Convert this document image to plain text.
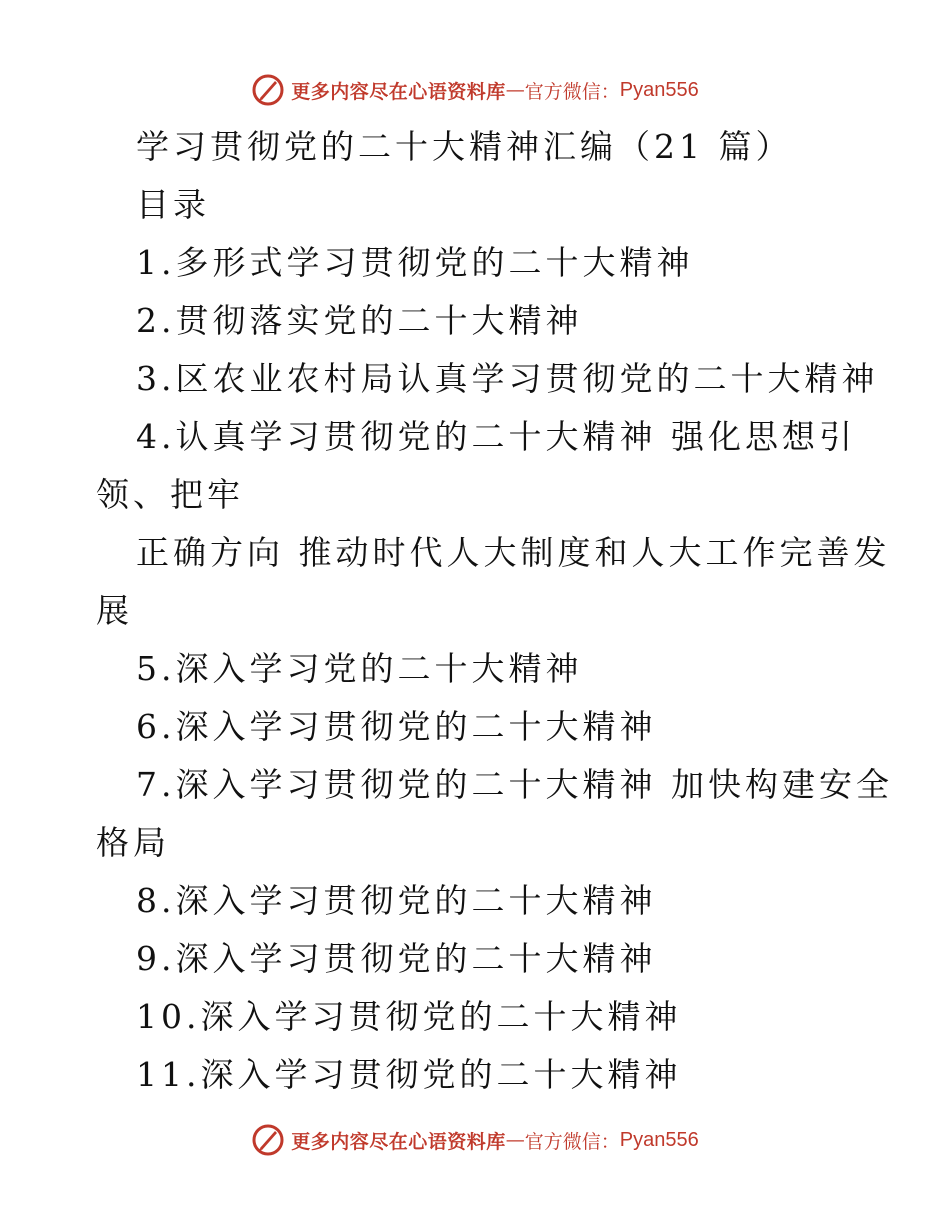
更多内容尽在心语资料库 — 官方微信： Pyan556
学习贯彻党的二十大精神汇编（21 篇）
目录
1.多形式学习贯彻党的二十大精神
2.贯彻落实党的二十大精神
3.区农业农村局认真学习贯彻党的二十大精神
4.认真学习贯彻党的二十大精神 强化思想引
领、把牢
正确方向 推动时代人大制度和人大工作完善发
展
5.深入学习党的二十大精神
6.深入学习贯彻党的二十大精神
7.深入学习贯彻党的二十大精神 加快构建安全
格局
8.深入学习贯彻党的二十大精神
9.深入学习贯彻党的二十大精神
10.深入学习贯彻党的二十大精神
11.深入学习贯彻党的二十大精神
更多内容尽在心语资料库 — 官方微信： Pyan556
